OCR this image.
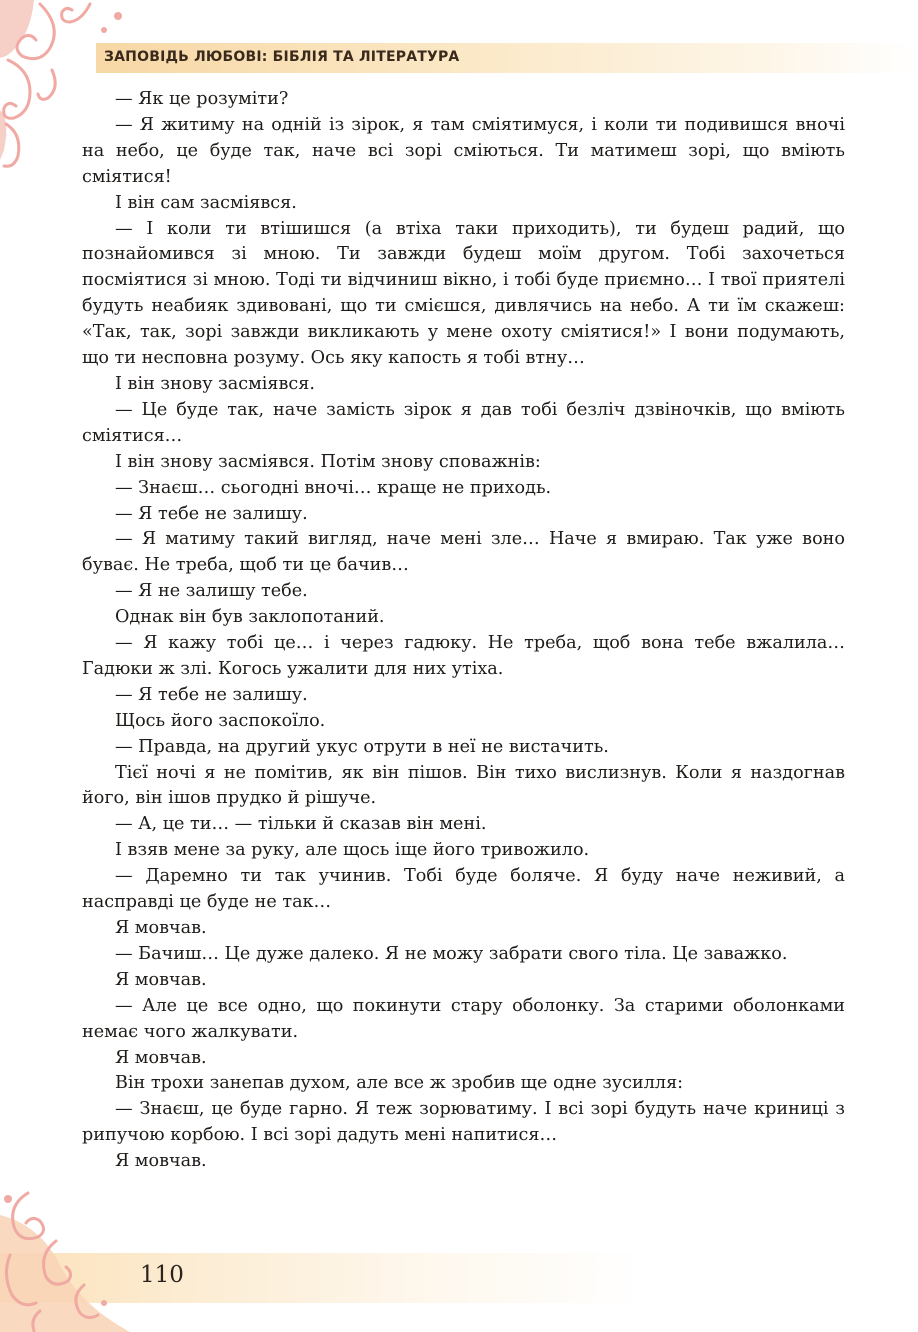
ЗАПОВІДЬ ЛЮБОВІ: БІБЛІЯ ТА ЛІТЕРАТУРА

— Як це розуміти?

— Я житиму на одній із зірок, я там сміятимуся, і коли ти подивишся вночі на небо, це буде так, наче всі зорі сміються. Ти матимеш зорі, що вміють сміятися!

І він сам засміявся.

— І коли ти втішишся (а втіха таки приходить), ти будеш радий, що познайомився зі мною. Ти завжди будеш моїм другом. Тобі захочеться посміятися зі мною. Тоді ти відчиниш вікно, і тобі буде приємно… І твої приятелі будуть неабияк здивовані, що ти смієшся, дивлячись на небо. А ти їм скажеш: «Так, так, зорі завжди викликають у мене охоту сміятися!» І вони подумають, що ти несповна розуму. Ось яку капость я тобі втну…

І він знову засміявся.

— Це буде так, наче замість зірок я дав тобі безліч дзвіночків, що вміють сміятися…

І він знову засміявся. Потім знову споважнів:

— Знаєш… сьогодні вночі… краще не приходь.

— Я тебе не залишу.

— Я матиму такий вигляд, наче мені зле… Наче я вмираю. Так уже воно буває. Не треба, щоб ти це бачив…

— Я не залишу тебе.

Однак він був заклопотаний.

— Я кажу тобі це… і через гадюку. Не треба, щоб вона тебе вжалила… Гадюки ж злі. Когось ужалити для них утіха.

— Я тебе не залишу.

Щось його заспокоїло.

— Правда, на другий укус отрути в неї не вистачить.

Тієї ночі я не помітив, як він пішов. Він тихо вислизнув. Коли я наздогнав його, він ішов прудко й рішуче.

— А, це ти… — тільки й сказав він мені.

І взяв мене за руку, але щось іще його тривожило.

— Даремно ти так учинив. Тобі буде боляче. Я буду наче неживий, а насправді це буде не так…

Я мовчав.

— Бачиш… Це дуже далеко. Я не можу забрати свого тіла. Це заважко.

Я мовчав.

— Але це все одно, що покинути стару оболонку. За старими оболонками немає чого жалкувати.

Я мовчав.

Він трохи занепав духом, але все ж зробив ще одне зусилля:

— Знаєш, це буде гарно. Я теж зорюватиму. І всі зорі будуть наче криниці з рипучою корбою. І всі зорі дадуть мені напитися…

Я мовчав.

110
